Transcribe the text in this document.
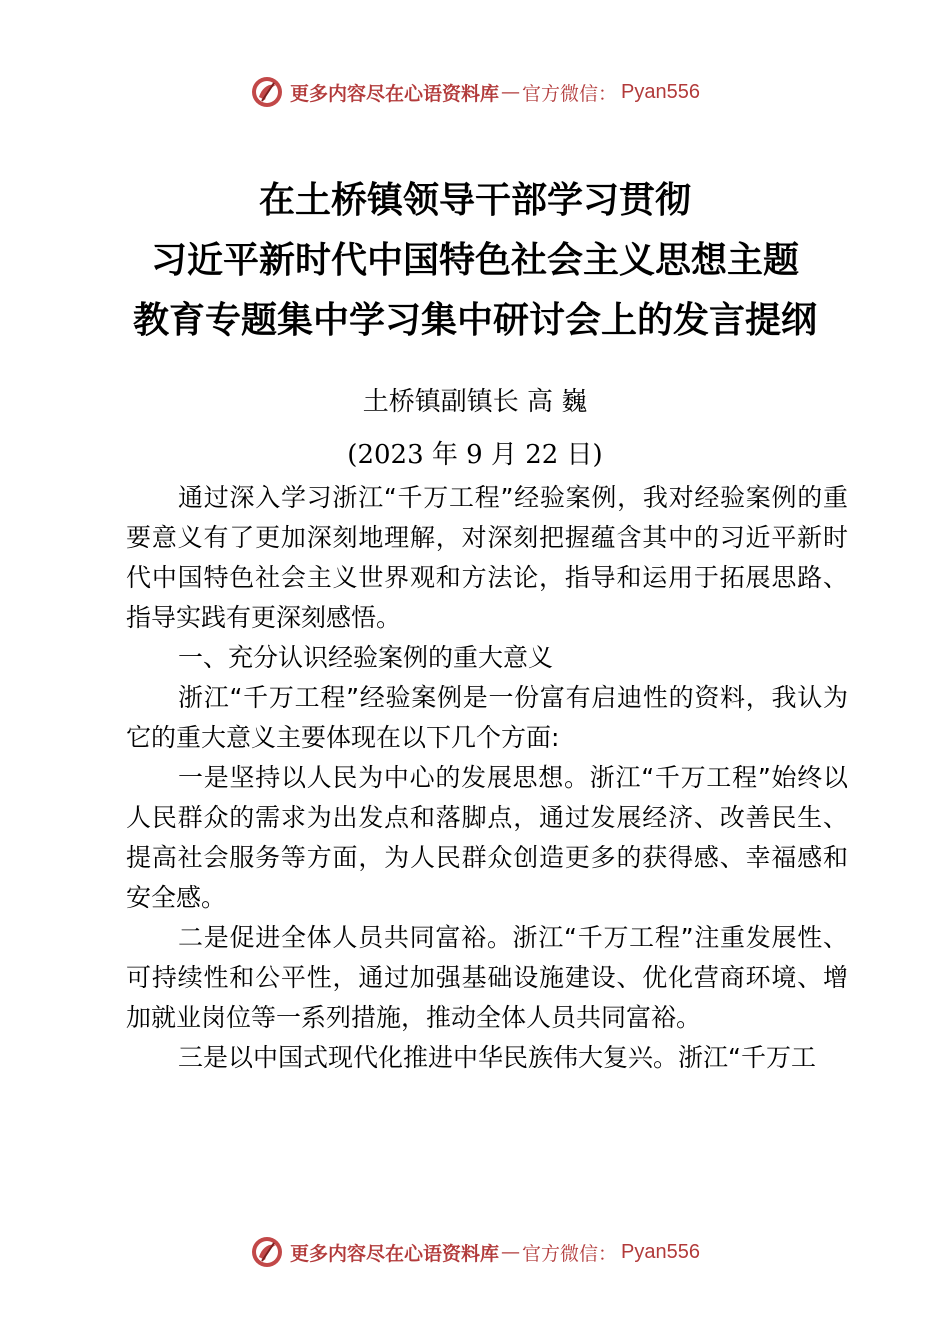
更多内容尽在心语资料库 — 官方微信： Pyan556
在土桥镇领导干部学习贯彻
习近平新时代中国特色社会主义思想主题
教育专题集中学习集中研讨会上的发言提纲
土桥镇副镇长 高 巍
(2023 年 9 月 22 日)

通过深入学习浙江“千万工程”经验案例，我对经验案例的重要意义有了更加深刻地理解，对深刻把握蕴含其中的习近平新时代中国特色社会主义世界观和方法论，指导和运用于拓展思路、指导实践有更深刻感悟。

一、充分认识经验案例的重大意义

浙江“千万工程”经验案例是一份富有启迪性的资料，我认为它的重大意义主要体现在以下几个方面:

一是坚持以人民为中心的发展思想。浙江“千万工程”始终以人民群众的需求为出发点和落脚点，通过发展经济、改善民生、提高社会服务等方面，为人民群众创造更多的获得感、幸福感和安全感。

二是促进全体人员共同富裕。浙江“千万工程”注重发展性、可持续性和公平性，通过加强基础设施建设、优化营商环境、增加就业岗位等一系列措施，推动全体人员共同富裕。

三是以中国式现代化推进中华民族伟大复兴。浙江“千万工

更多内容尽在心语资料库 — 官方微信： Pyan556
